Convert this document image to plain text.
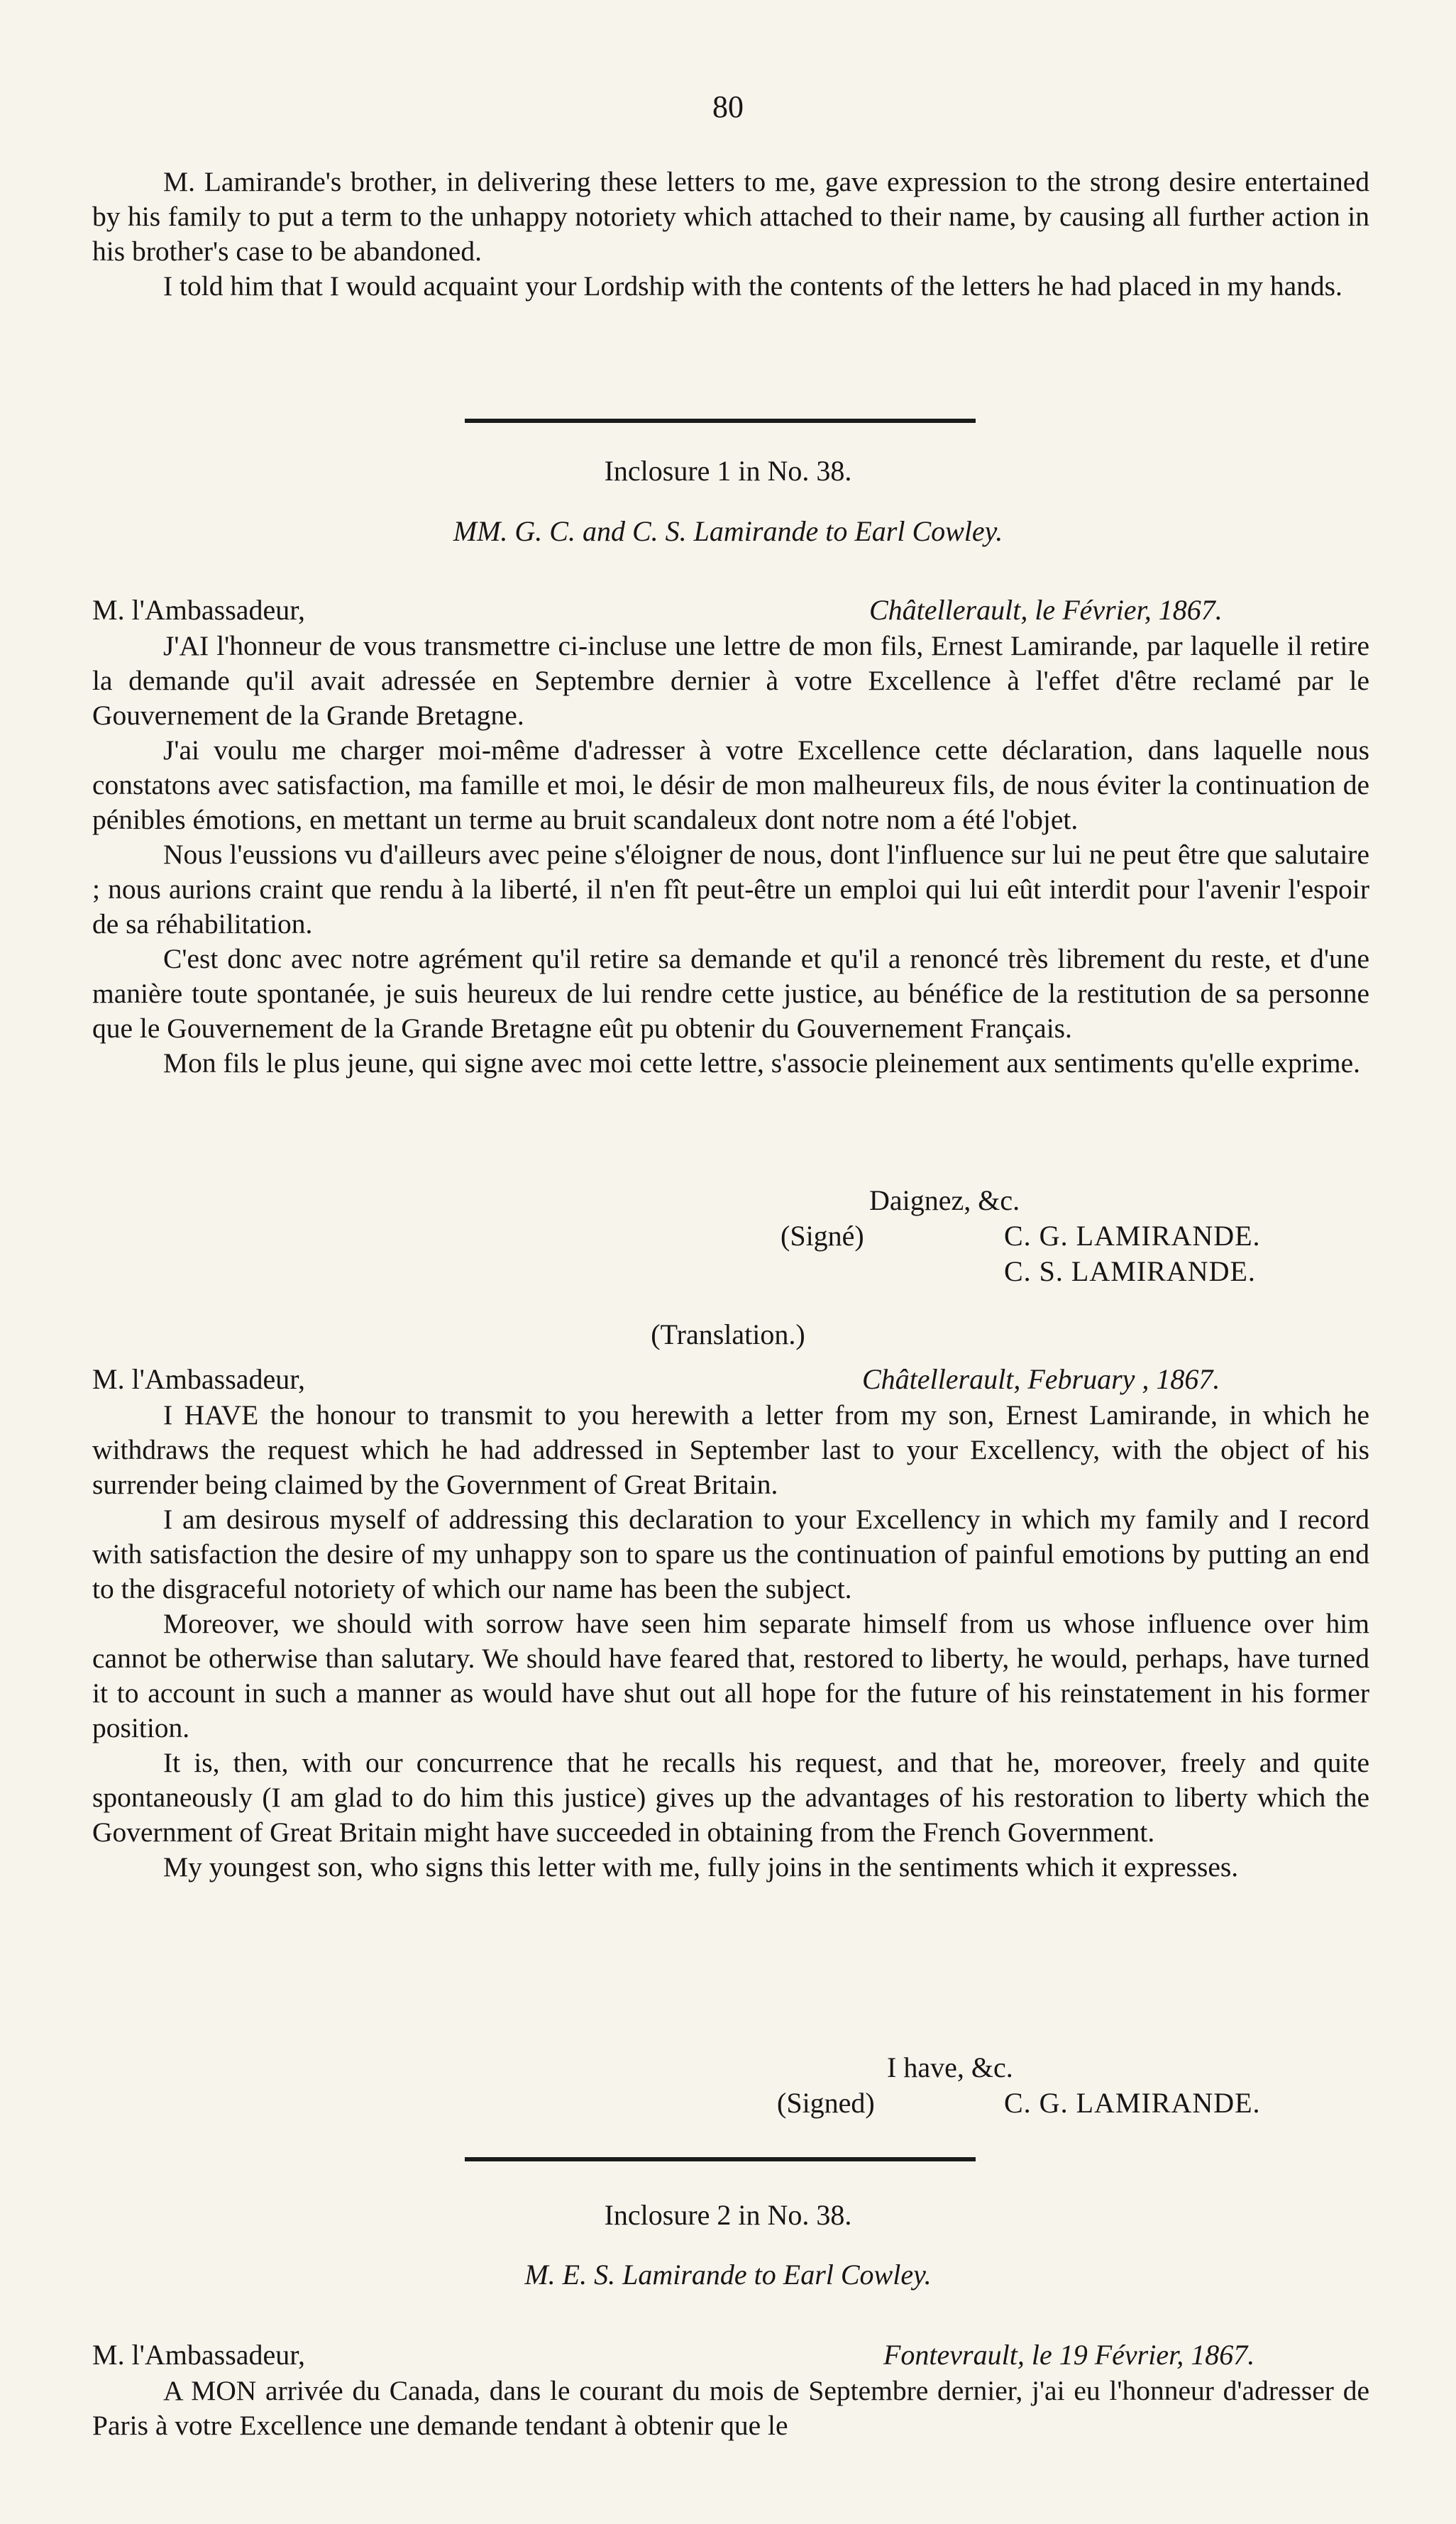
80

M. Lamirande's brother, in delivering these letters to me, gave expression to the strong desire entertained by his family to put a term to the unhappy notoriety which attached to their name, by causing all further action in his brother's case to be abandoned.

I told him that I would acquaint your Lordship with the contents of the letters he had placed in my hands.

Inclosure 1 in No. 38.
MM. G. C. and C. S. Lamirande to Earl Cowley.
M. l'Ambassadeur,	Châtellerault, le Février, 1867.

J'AI l'honneur de vous transmettre ci-incluse une lettre de mon fils, Ernest Lamirande, par laquelle il retire la demande qu'il avait adressée en Septembre dernier à votre Excellence à l'effet d'être reclamé par le Gouvernement de la Grande Bretagne.

J'ai voulu me charger moi-même d'adresser à votre Excellence cette déclaration, dans laquelle nous constatons avec satisfaction, ma famille et moi, le désir de mon malheureux fils, de nous éviter la continuation de pénibles émotions, en mettant un terme au bruit scandaleux dont notre nom a été l'objet.

Nous l'eussions vu d'ailleurs avec peine s'éloigner de nous, dont l'influence sur lui ne peut être que salutaire ; nous aurions craint que rendu à la liberté, il n'en fît peut-être un emploi qui lui eût interdit pour l'avenir l'espoir de sa réhabilitation.

C'est donc avec notre agrément qu'il retire sa demande et qu'il a renoncé très librement du reste, et d'une manière toute spontanée, je suis heureux de lui rendre cette justice, au bénéfice de la restitution de sa personne que le Gouvernement de la Grande Bretagne eût pu obtenir du Gouvernement Français.

Mon fils le plus jeune, qui signe avec moi cette lettre, s'associe pleinement aux sentiments qu'elle exprime.

Daignez, &c.
(Signé)	C. G. LAMIRANDE.
C. S. LAMIRANDE.
(Translation.)
M. l'Ambassadeur,	Châtellerault, February , 1867.

I HAVE the honour to transmit to you herewith a letter from my son, Ernest Lamirande, in which he withdraws the request which he had addressed in September last to your Excellency, with the object of his surrender being claimed by the Government of Great Britain.

I am desirous myself of addressing this declaration to your Excellency in which my family and I record with satisfaction the desire of my unhappy son to spare us the continuation of painful emotions by putting an end to the disgraceful notoriety of which our name has been the subject.

Moreover, we should with sorrow have seen him separate himself from us whose influence over him cannot be otherwise than salutary. We should have feared that, restored to liberty, he would, perhaps, have turned it to account in such a manner as would have shut out all hope for the future of his reinstatement in his former position.

It is, then, with our concurrence that he recalls his request, and that he, moreover, freely and quite spontaneously (I am glad to do him this justice) gives up the advantages of his restoration to liberty which the Government of Great Britain might have succeeded in obtaining from the French Government.

My youngest son, who signs this letter with me, fully joins in the sentiments which it expresses.

I have, &c.
(Signed)	C. G. LAMIRANDE.
Inclosure 2 in No. 38.
M. E. S. Lamirande to Earl Cowley.
M. l'Ambassadeur,	Fontevrault, le 19 Février, 1867.

A MON arrivée du Canada, dans le courant du mois de Septembre dernier, j'ai eu l'honneur d'adresser de Paris à votre Excellence une demande tendant à obtenir que le
